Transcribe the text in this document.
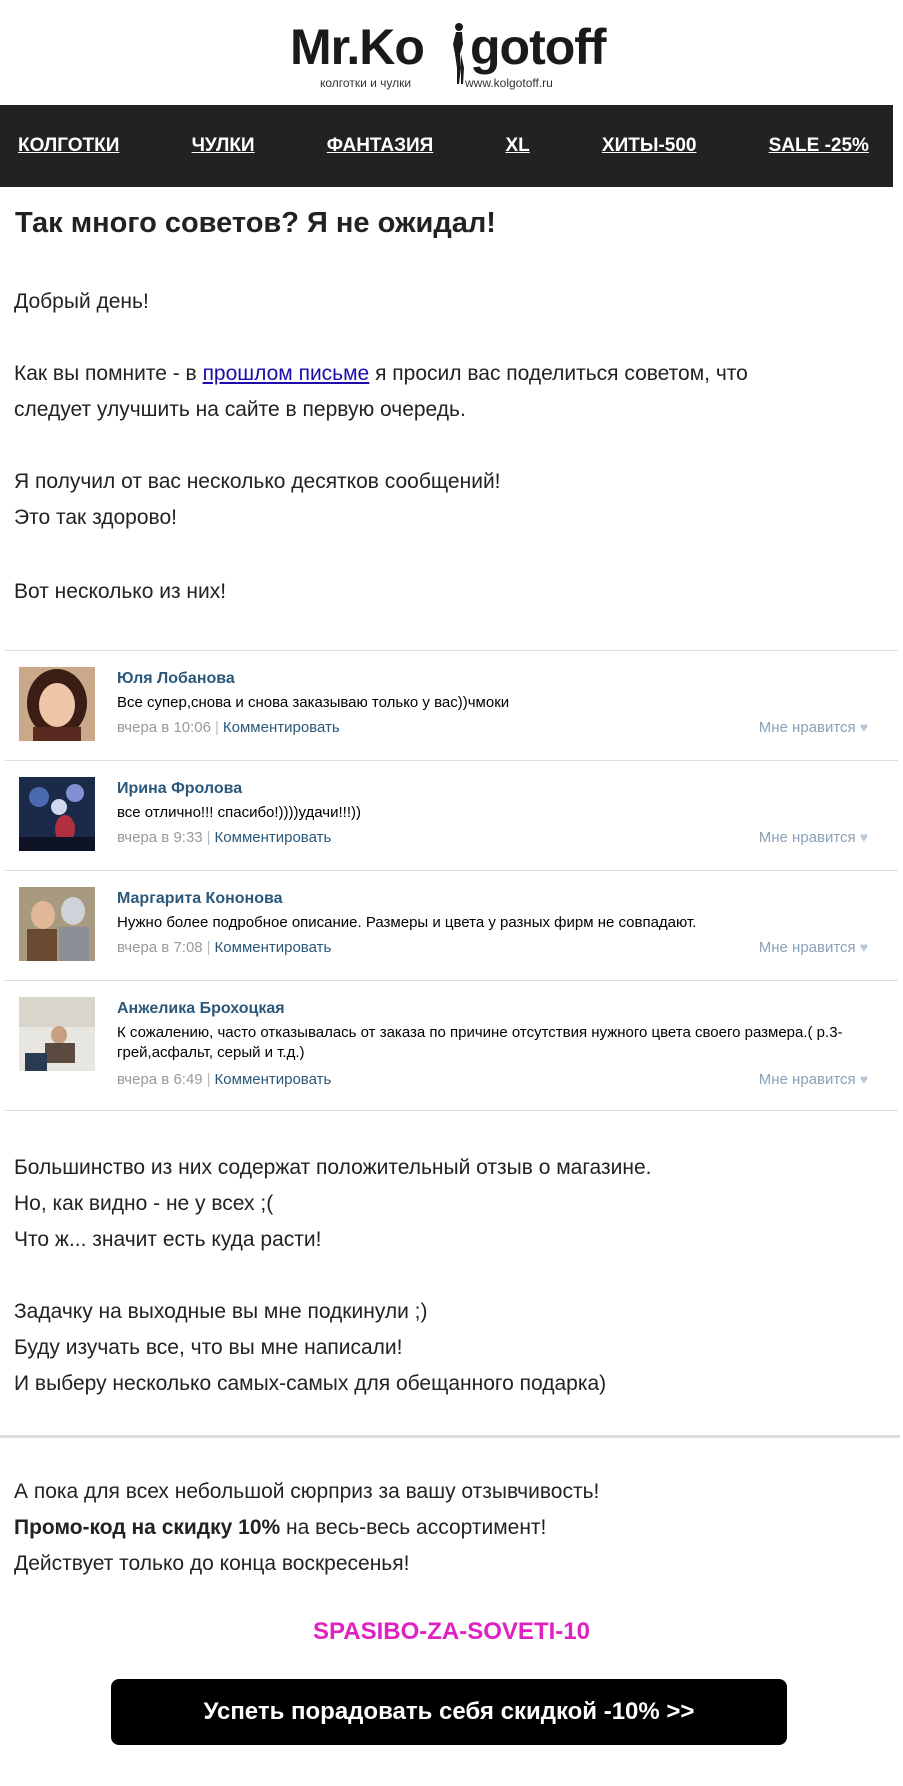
Mr.Ko gotoff
колготки и чулки	www.kolgotoff.ru
КОЛГОТКИ	ЧУЛКИ	ФАНТАЗИЯ	XL	ХИТЫ-500	SALE -25%
Так много советов? Я не ожидал!
Добрый день!
Как вы помните - в прошлом письме я просил вас поделиться советом, что
следует улучшить на сайте в первую очередь.
Я получил от вас несколько десятков сообщений!
Это так здорово!
Вот несколько из них!
Юля Лобанова
Все супер,снова и снова заказываю только у вас))чмоки
вчера в 10:06 | Комментировать	Мне нравится ♥
Ирина Фролова
все отлично!!! спасибо!))))удачи!!!))
вчера в 9:33 | Комментировать	Мне нравится ♥
Маргарита Кононова
Нужно более подробное описание. Размеры и цвета у разных фирм не совпадают.
вчера в 7:08 | Комментировать	Мне нравится ♥
Анжелика Брохоцкая
К сожалению, часто отказывалась от заказа по причине отсутствия нужного цвета своего размера.( р.3-грей,асфальт, серый и т.д.)
вчера в 6:49 | Комментировать	Мне нравится ♥
Большинство из них содержат положительный отзыв о магазине.
Но, как видно - не у всех ;(
Что ж... значит есть куда расти!
Задачку на выходные вы мне подкинули ;)
Буду изучать все, что вы мне написали!
И выберу несколько самых-самых для обещанного подарка)
А пока для всех небольшой сюрприз за вашу отзывчивость!
Промо-код на скидку 10% на весь-весь ассортимент!
Действует только до конца воскресенья!
SPASIBO-ZA-SOVETI-10
Успеть порадовать себя скидкой -10% >>
